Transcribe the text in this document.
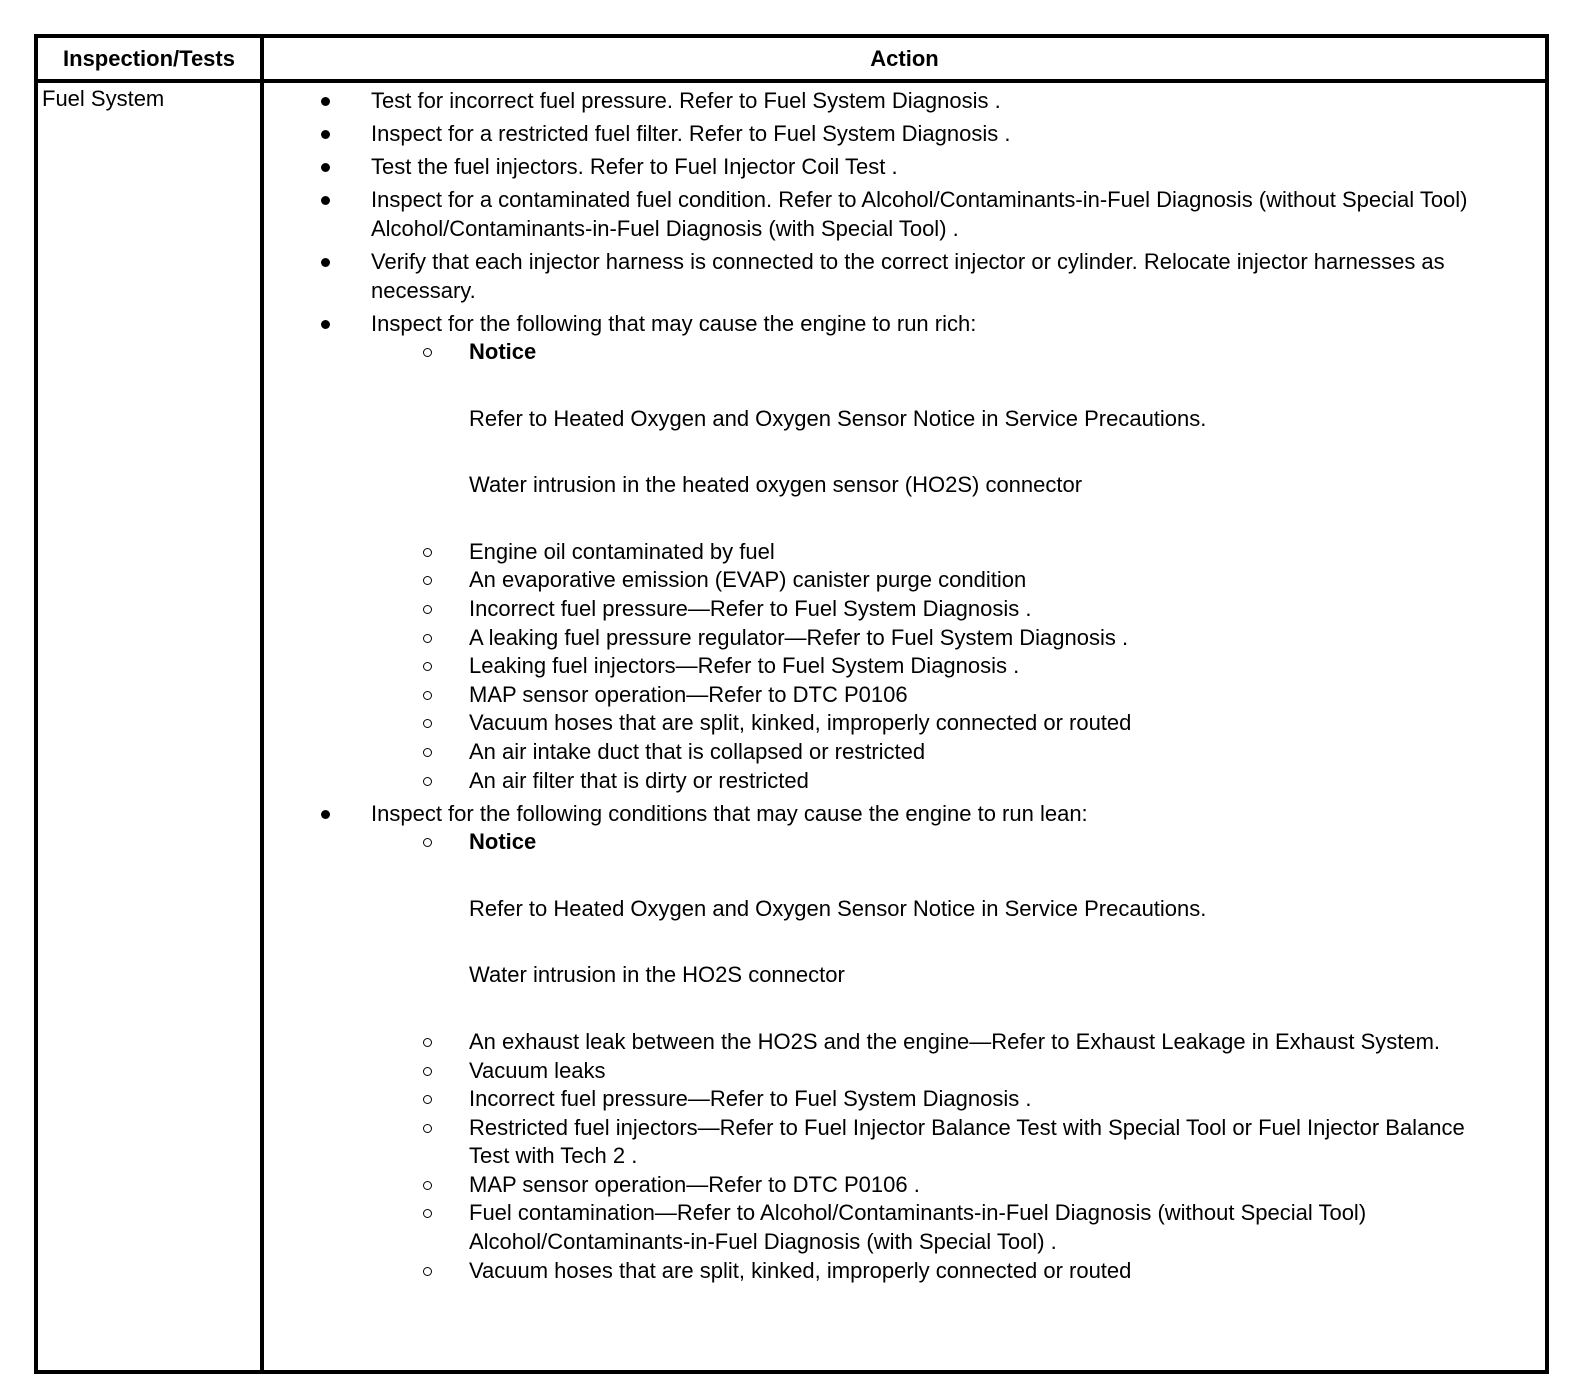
Inspection/Tests	Action
Fuel System	Test for incorrect fuel pressure. Refer to Fuel System Diagnosis .
Inspect for a restricted fuel filter. Refer to Fuel System Diagnosis .
Test the fuel injectors. Refer to Fuel Injector Coil Test .
Inspect for a contaminated fuel condition. Refer to Alcohol/Contaminants-in-Fuel Diagnosis (without Special Tool) Alcohol/Contaminants-in-Fuel Diagnosis (with Special Tool) .
Verify that each injector harness is connected to the correct injector or cylinder. Relocate injector harnesses as necessary.
Inspect for the following that may cause the engine to run rich:
Notice
Refer to Heated Oxygen and Oxygen Sensor Notice in Service Precautions.
Water intrusion in the heated oxygen sensor (HO2S) connector
Engine oil contaminated by fuel
An evaporative emission (EVAP) canister purge condition
Incorrect fuel pressure—Refer to Fuel System Diagnosis .
A leaking fuel pressure regulator—Refer to Fuel System Diagnosis .
Leaking fuel injectors—Refer to Fuel System Diagnosis .
MAP sensor operation—Refer to DTC P0106
Vacuum hoses that are split, kinked, improperly connected or routed
An air intake duct that is collapsed or restricted
An air filter that is dirty or restricted
Inspect for the following conditions that may cause the engine to run lean:
Notice
Refer to Heated Oxygen and Oxygen Sensor Notice in Service Precautions.
Water intrusion in the HO2S connector
An exhaust leak between the HO2S and the engine—Refer to Exhaust Leakage in Exhaust System.
Vacuum leaks
Incorrect fuel pressure—Refer to Fuel System Diagnosis .
Restricted fuel injectors—Refer to Fuel Injector Balance Test with Special Tool or Fuel Injector Balance Test with Tech 2 .
MAP sensor operation—Refer to DTC P0106 .
Fuel contamination—Refer to Alcohol/Contaminants-in-Fuel Diagnosis (without Special Tool) Alcohol/Contaminants-in-Fuel Diagnosis (with Special Tool) .
Vacuum hoses that are split, kinked, improperly connected or routed
